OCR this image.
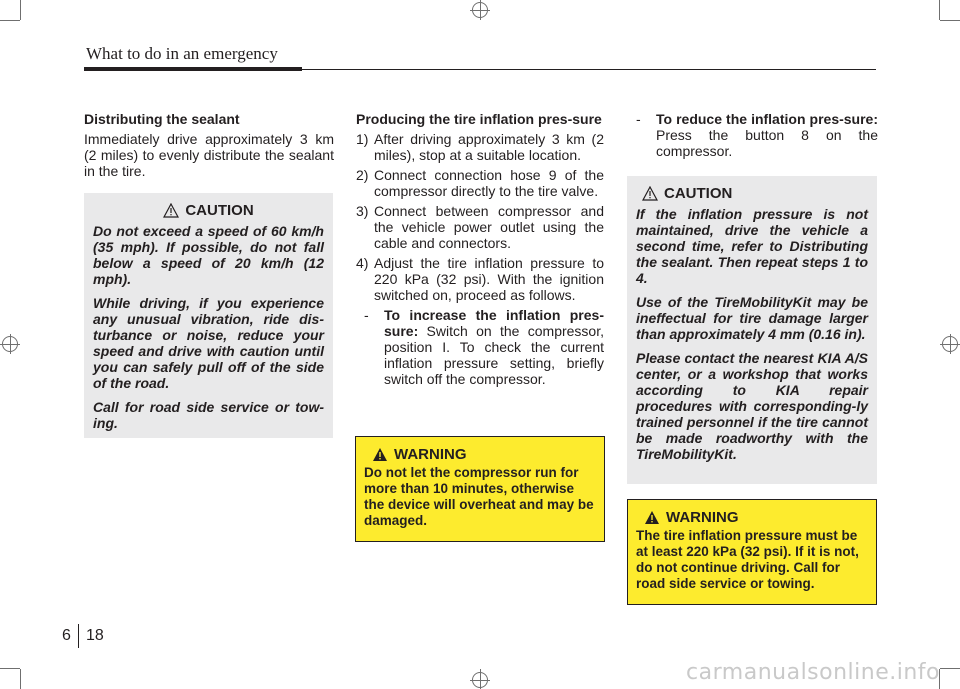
What to do in an emergency
Distributing the sealant

Immediately drive approximately 3 km (2 miles) to evenly distribute the sealant in the tire.

CAUTION

Do not exceed a speed of 60 km/h (35 mph). If possible, do not fall below a speed of 20 km/h (12 mph).

While driving, if you experience any unusual vibration, ride dis-turbance or noise, reduce your speed and drive with caution until you can safely pull off of the side of the road.

Call for road side service or tow-ing.

Producing the tire inflation pres-sure
1) After driving approximately 3 km (2 miles), stop at a suitable location.
2) Connect connection hose 9 of the compressor directly to the tire valve.
3) Connect between compressor and the vehicle power outlet using the cable and connectors.
4) Adjust the tire inflation pressure to 220 kPa (32 psi). With the ignition switched on, proceed as follows.
- To increase the inflation pres-sure: Switch on the compressor, position I. To check the current inflation pressure setting, briefly switch off the compressor.
WARNING

Do not let the compressor run for more than 10 minutes, otherwise the device will overheat and may be damaged.

- To reduce the inflation pres-sure: Press the button 8 on the compressor.
CAUTION

If the inflation pressure is not maintained, drive the vehicle a second time, refer to Distributing the sealant. Then repeat steps 1 to 4.

Use of the TireMobilityKit may be ineffectual for tire damage larger than approximately 4 mm (0.16 in).

Please contact the nearest KIA A/S center, or a workshop that works according to KIA repair procedures with corresponding-ly trained personnel if the tire cannot be made roadworthy with the TireMobilityKit.

WARNING

The tire inflation pressure must be at least 220 kPa (32 psi). If it is not, do not continue driving. Call for road side service or towing.

6 18
carmanualsonline.info
